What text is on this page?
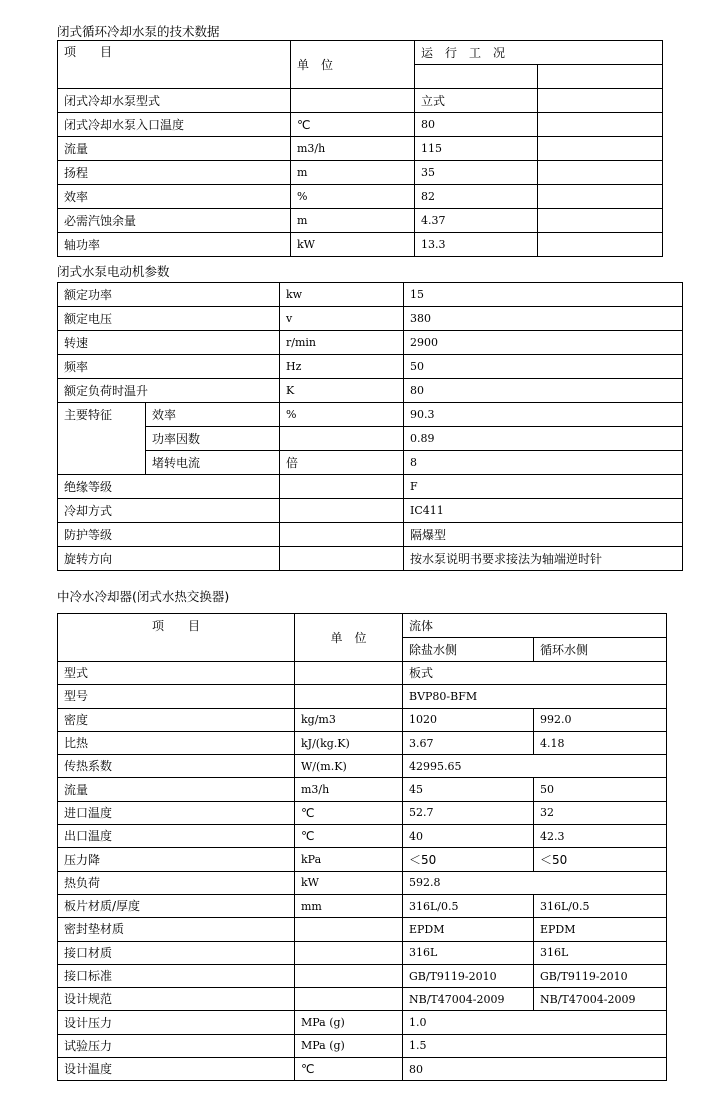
闭式循环冷却水泵的技术数据
项　　目	单　位	运　行　工　况	

闭式冷却水泵型式		立式	
闭式冷却水泵入口温度	℃	80	
流量	m3/h	115	
扬程	m	35	
效率	%	82	
必需汽蚀余量	m	4.37	
轴功率	kW	13.3	
闭式水泵电动机参数
额定功率		kw	15
额定电压		v	380
转速		r/min	2900
频率		Hz	50
额定负荷时温升		K	80
主要特征	效率	%	90.3
	功率因数		0.89
	堵转电流	倍	8
绝缘等级			F
冷却方式			IC411
防护等级			隔爆型
旋转方向			按水泵说明书要求接法为轴端逆时针
中冷水冷却器(闭式水热交换器)
项　　目	单　位	流体	
		除盐水侧	循环水侧
型式		板式	
型号		BVP80-BFM	
密度	kg/m3	1020	992.0
比热	kJ/(kg.K)	3.67	4.18
传热系数	W/(m.K)	42995.65	
流量	m3/h	45	50
进口温度	℃	52.7	32
出口温度	℃	40	42.3
压力降	kPa	＜50	＜50
热负荷	kW	592.8	
板片材质/厚度	mm	316L/0.5	316L/0.5
密封垫材质		EPDM	EPDM
接口材质		316L	316L
接口标准		GB/T9119-2010	GB/T9119-2010
设计规范		NB/T47004-2009	NB/T47004-2009
设计压力	MPa (g)	1.0	
试验压力	MPa (g)	1.5	
设计温度	℃	80	
